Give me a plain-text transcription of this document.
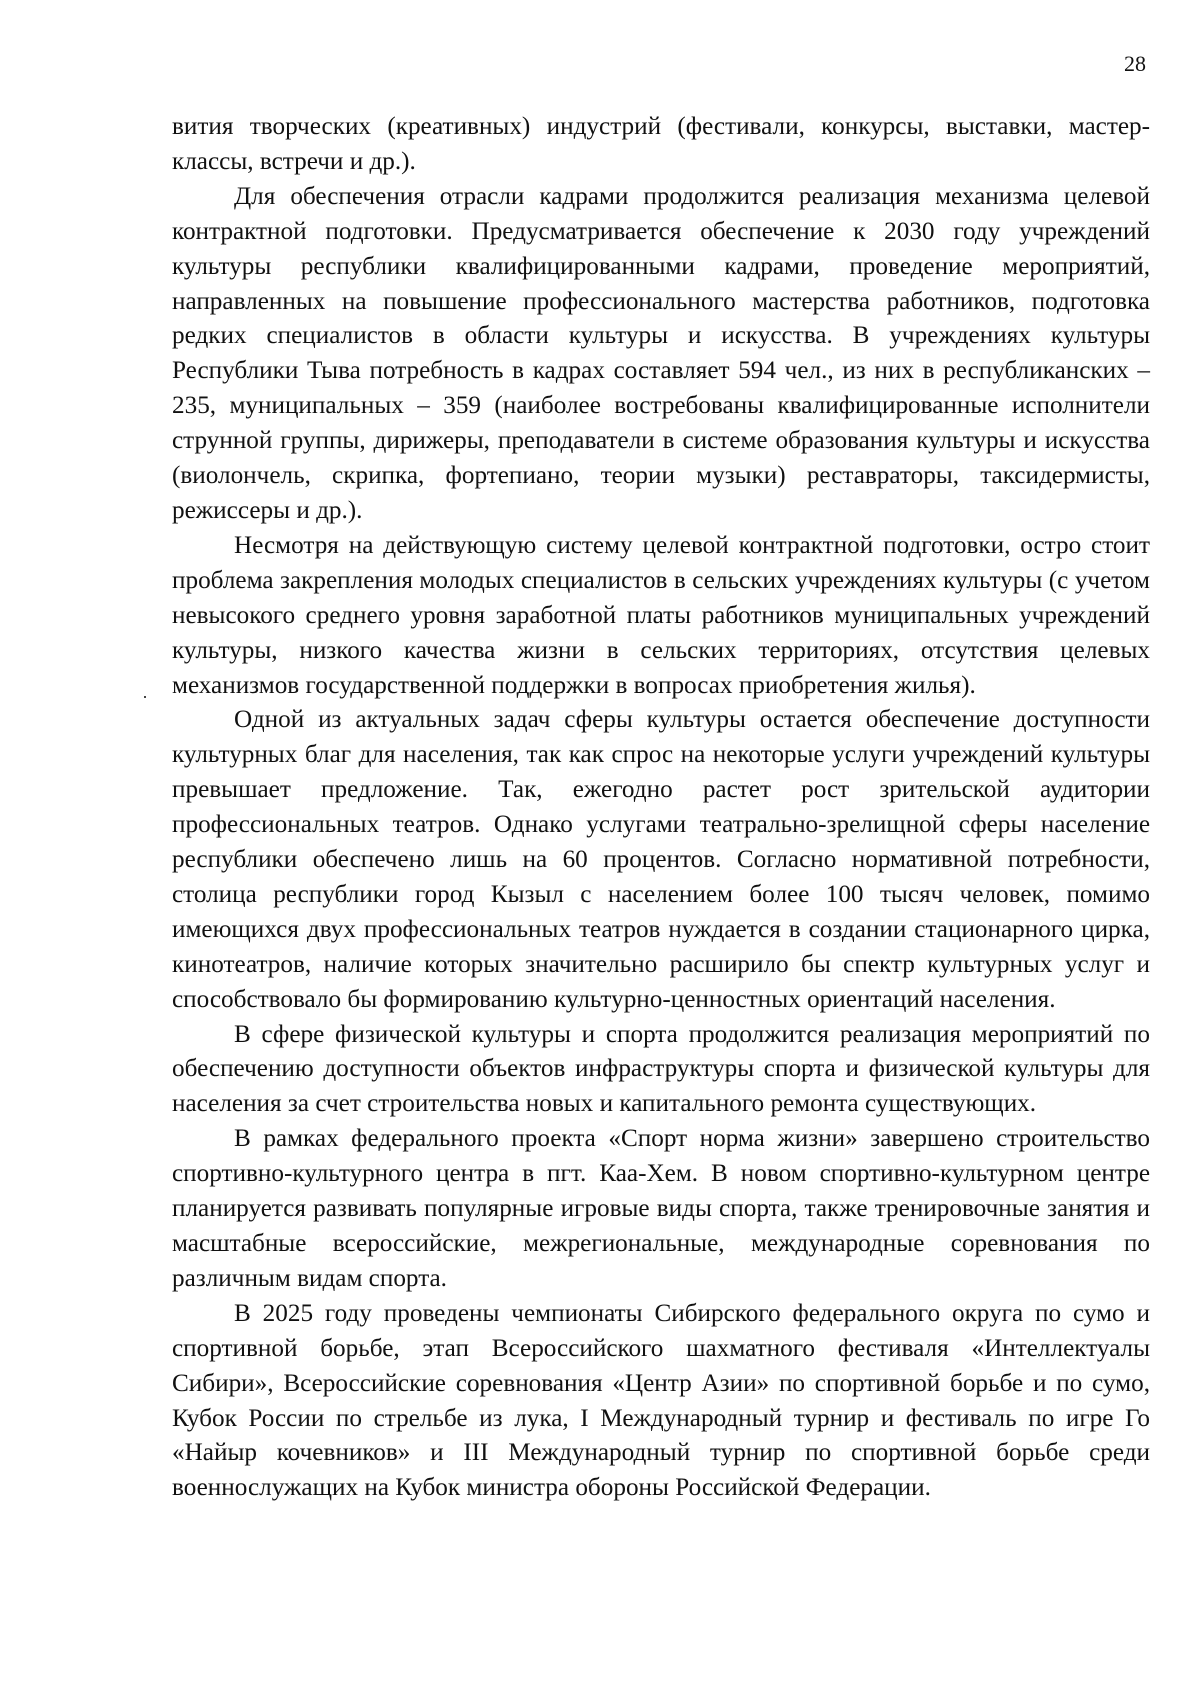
28

вития творческих (креативных) индустрий (фестивали, конкурсы, выставки, мастер-классы, встречи и др.).

Для обеспечения отрасли кадрами продолжится реализация механизма целевой контрактной подготовки. Предусматривается обеспечение к 2030 году учреждений культуры республики квалифицированными кадрами, проведение мероприятий, направленных на повышение профессионального мастерства работников, подготовка редких специалистов в области культуры и искусства. В учреждениях культуры Республики Тыва потребность в кадрах составляет 594 чел., из них в республиканских – 235, муниципальных – 359 (наиболее востребованы квалифицированные исполнители струнной группы, дирижеры, преподаватели в системе образования культуры и искусства (виолончель, скрипка, фортепиано, теории музыки) реставраторы, таксидермисты, режиссеры и др.).

Несмотря на действующую систему целевой контрактной подготовки, остро стоит проблема закрепления молодых специалистов в сельских учреждениях культуры (с учетом невысокого среднего уровня заработной платы работников муниципальных учреждений культуры, низкого качества жизни в сельских территориях, отсутствия целевых механизмов государственной поддержки в вопросах приобретения жилья).

Одной из актуальных задач сферы культуры остается обеспечение доступности культурных благ для населения, так как спрос на некоторые услуги учреждений культуры превышает предложение. Так, ежегодно растет рост зрительской аудитории профессиональных театров. Однако услугами театрально-зрелищной сферы население республики обеспечено лишь на 60 процентов. Согласно нормативной потребности, столица республики город Кызыл с населением более 100 тысяч человек, помимо имеющихся двух профессиональных театров нуждается в создании стационарного цирка, кинотеатров, наличие которых значительно расширило бы спектр культурных услуг и способствовало бы формированию культурно-ценностных ориентаций населения.

В сфере физической культуры и спорта продолжится реализация мероприятий по обеспечению доступности объектов инфраструктуры спорта и физической культуры для населения за счет строительства новых и капитального ремонта существующих.

В рамках федерального проекта «Спорт норма жизни» завершено строительство спортивно-культурного центра в пгт. Каа-Хем. В новом спортивно-культурном центре планируется развивать популярные игровые виды спорта, также тренировочные занятия и масштабные всероссийские, межрегиональные, международные соревнования по различным видам спорта.

В 2025 году проведены чемпионаты Сибирского федерального округа по сумо и спортивной борьбе, этап Всероссийского шахматного фестиваля «Интеллектуалы Сибири», Всероссийские соревнования «Центр Азии» по спортивной борьбе и по сумо, Кубок России по стрельбе из лука, I Международный турнир и фестиваль по игре Го «Найыр кочевников» и III Международный турнир по спортивной борьбе среди военнослужащих на Кубок министра обороны Российской Федерации.
